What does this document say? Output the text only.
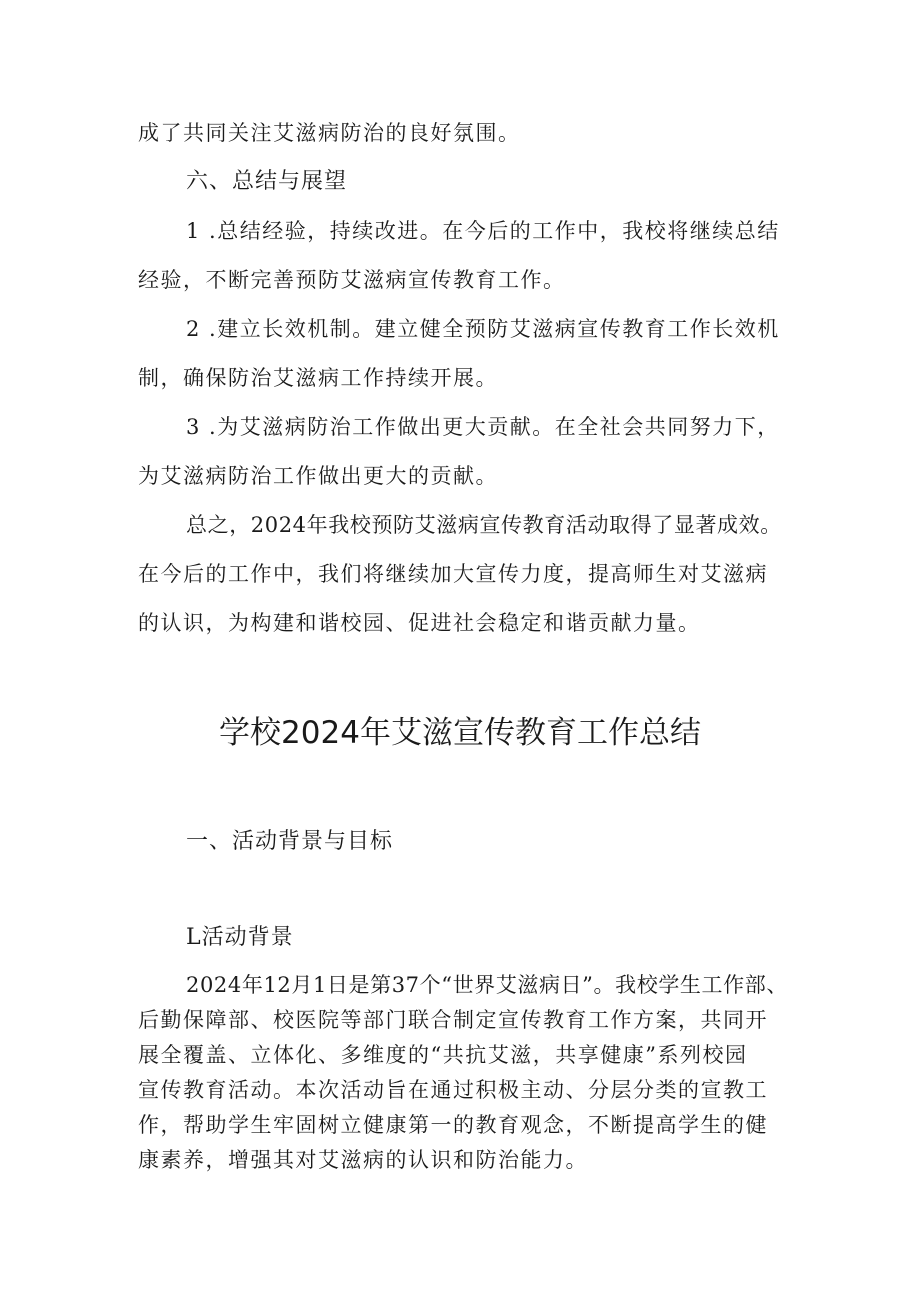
成了共同关注艾滋病防治的良好氛围。

六、总结与展望

1 .总结经验，持续改进。在今后的工作中，我校将继续总结

经验，不断完善预防艾滋病宣传教育工作。

2 .建立长效机制。建立健全预防艾滋病宣传教育工作长效机

制，确保防治艾滋病工作持续开展。

3 .为艾滋病防治工作做出更大贡献。在全社会共同努力下，

为艾滋病防治工作做出更大的贡献。

总之，2024年我校预防艾滋病宣传教育活动取得了显著成效。

在今后的工作中，我们将继续加大宣传力度，提高师生对艾滋病

的认识，为构建和谐校园、促进社会稳定和谐贡献力量。

学校2024年艾滋宣传教育工作总结
一、活动背景与目标
L活动背景

2024年12月1日是第37个“世界艾滋病日”。我校学生工作部、

后勤保障部、校医院等部门联合制定宣传教育工作方案，共同开

展全覆盖、立体化、多维度的“共抗艾滋，共享健康”系列校园

宣传教育活动。本次活动旨在通过积极主动、分层分类的宣教工

作，帮助学生牢固树立健康第一的教育观念，不断提高学生的健

康素养，增强其对艾滋病的认识和防治能力。
